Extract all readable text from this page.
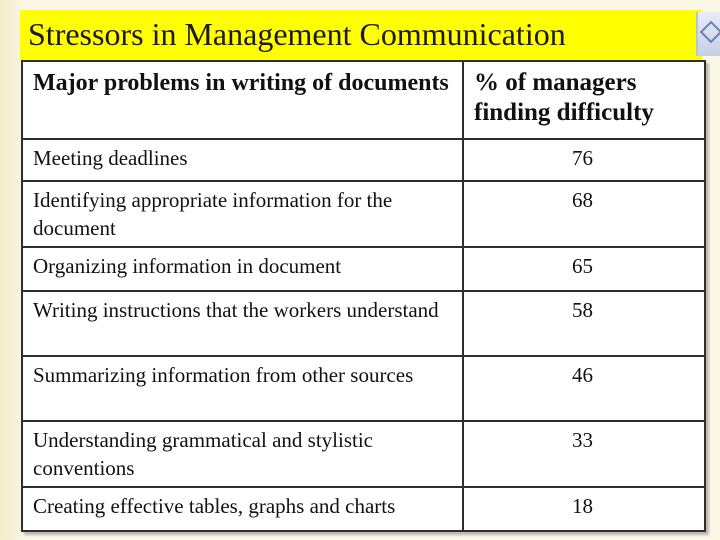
Stressors in Management Communication
Major problems in writing of documents	% of managers finding difficulty
Meeting deadlines	76
Identifying appropriate information for the document	68
Organizing information in document	65
Writing instructions that the workers understand	58
Summarizing information from other sources	46
Understanding grammatical and stylistic conventions	33
Creating effective tables, graphs and charts	18
